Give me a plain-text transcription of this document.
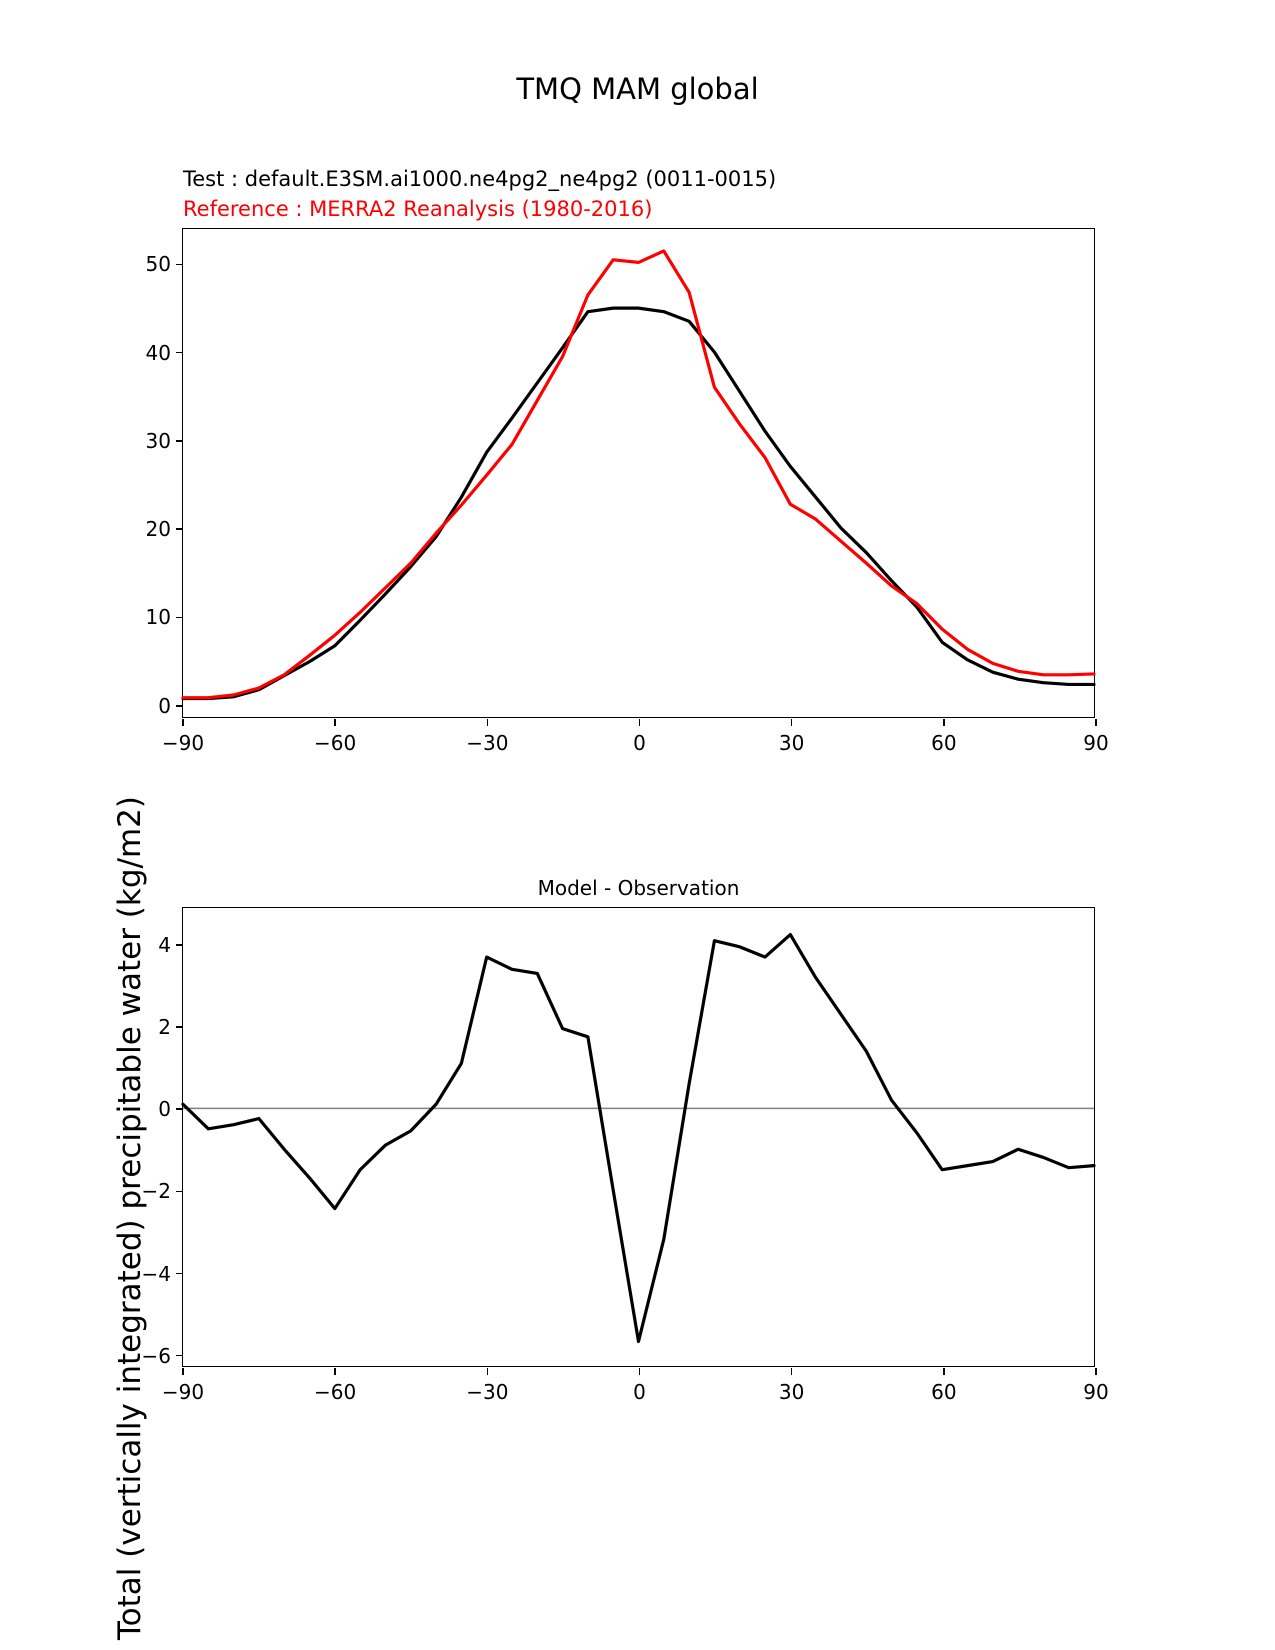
Total (vertically integrated) precipitable water (kg/m2)
TMQ MAM global
Test : default.E3SM.ai1000.ne4pg2_ne4pg2 (0011-0015)
Reference : MERRA2 Reanalysis (1980-2016)
−90	−60	−30	0	30	60	90
0
10
20
30
40
50
Model - Observation
−90	−60	−30	0	30	60	90
−6
−4
−2
0
2
4
